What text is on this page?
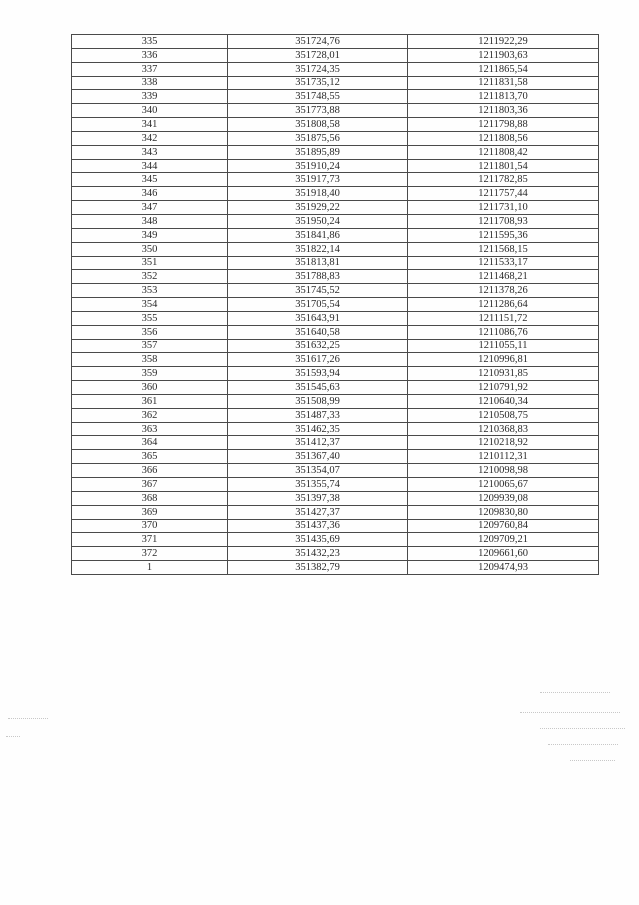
335	351724,76	1211922,29
336	351728,01	1211903,63
337	351724,35	1211865,54
338	351735,12	1211831,58
339	351748,55	1211813,70
340	351773,88	1211803,36
341	351808,58	1211798,88
342	351875,56	1211808,56
343	351895,89	1211808,42
344	351910,24	1211801,54
345	351917,73	1211782,85
346	351918,40	1211757,44
347	351929,22	1211731,10
348	351950,24	1211708,93
349	351841,86	1211595,36
350	351822,14	1211568,15
351	351813,81	1211533,17
352	351788,83	1211468,21
353	351745,52	1211378,26
354	351705,54	1211286,64
355	351643,91	1211151,72
356	351640,58	1211086,76
357	351632,25	1211055,11
358	351617,26	1210996,81
359	351593,94	1210931,85
360	351545,63	1210791,92
361	351508,99	1210640,34
362	351487,33	1210508,75
363	351462,35	1210368,83
364	351412,37	1210218,92
365	351367,40	1210112,31
366	351354,07	1210098,98
367	351355,74	1210065,67
368	351397,38	1209939,08
369	351427,37	1209830,80
370	351437,36	1209760,84
371	351435,69	1209709,21
372	351432,23	1209661,60
1	351382,79	1209474,93
